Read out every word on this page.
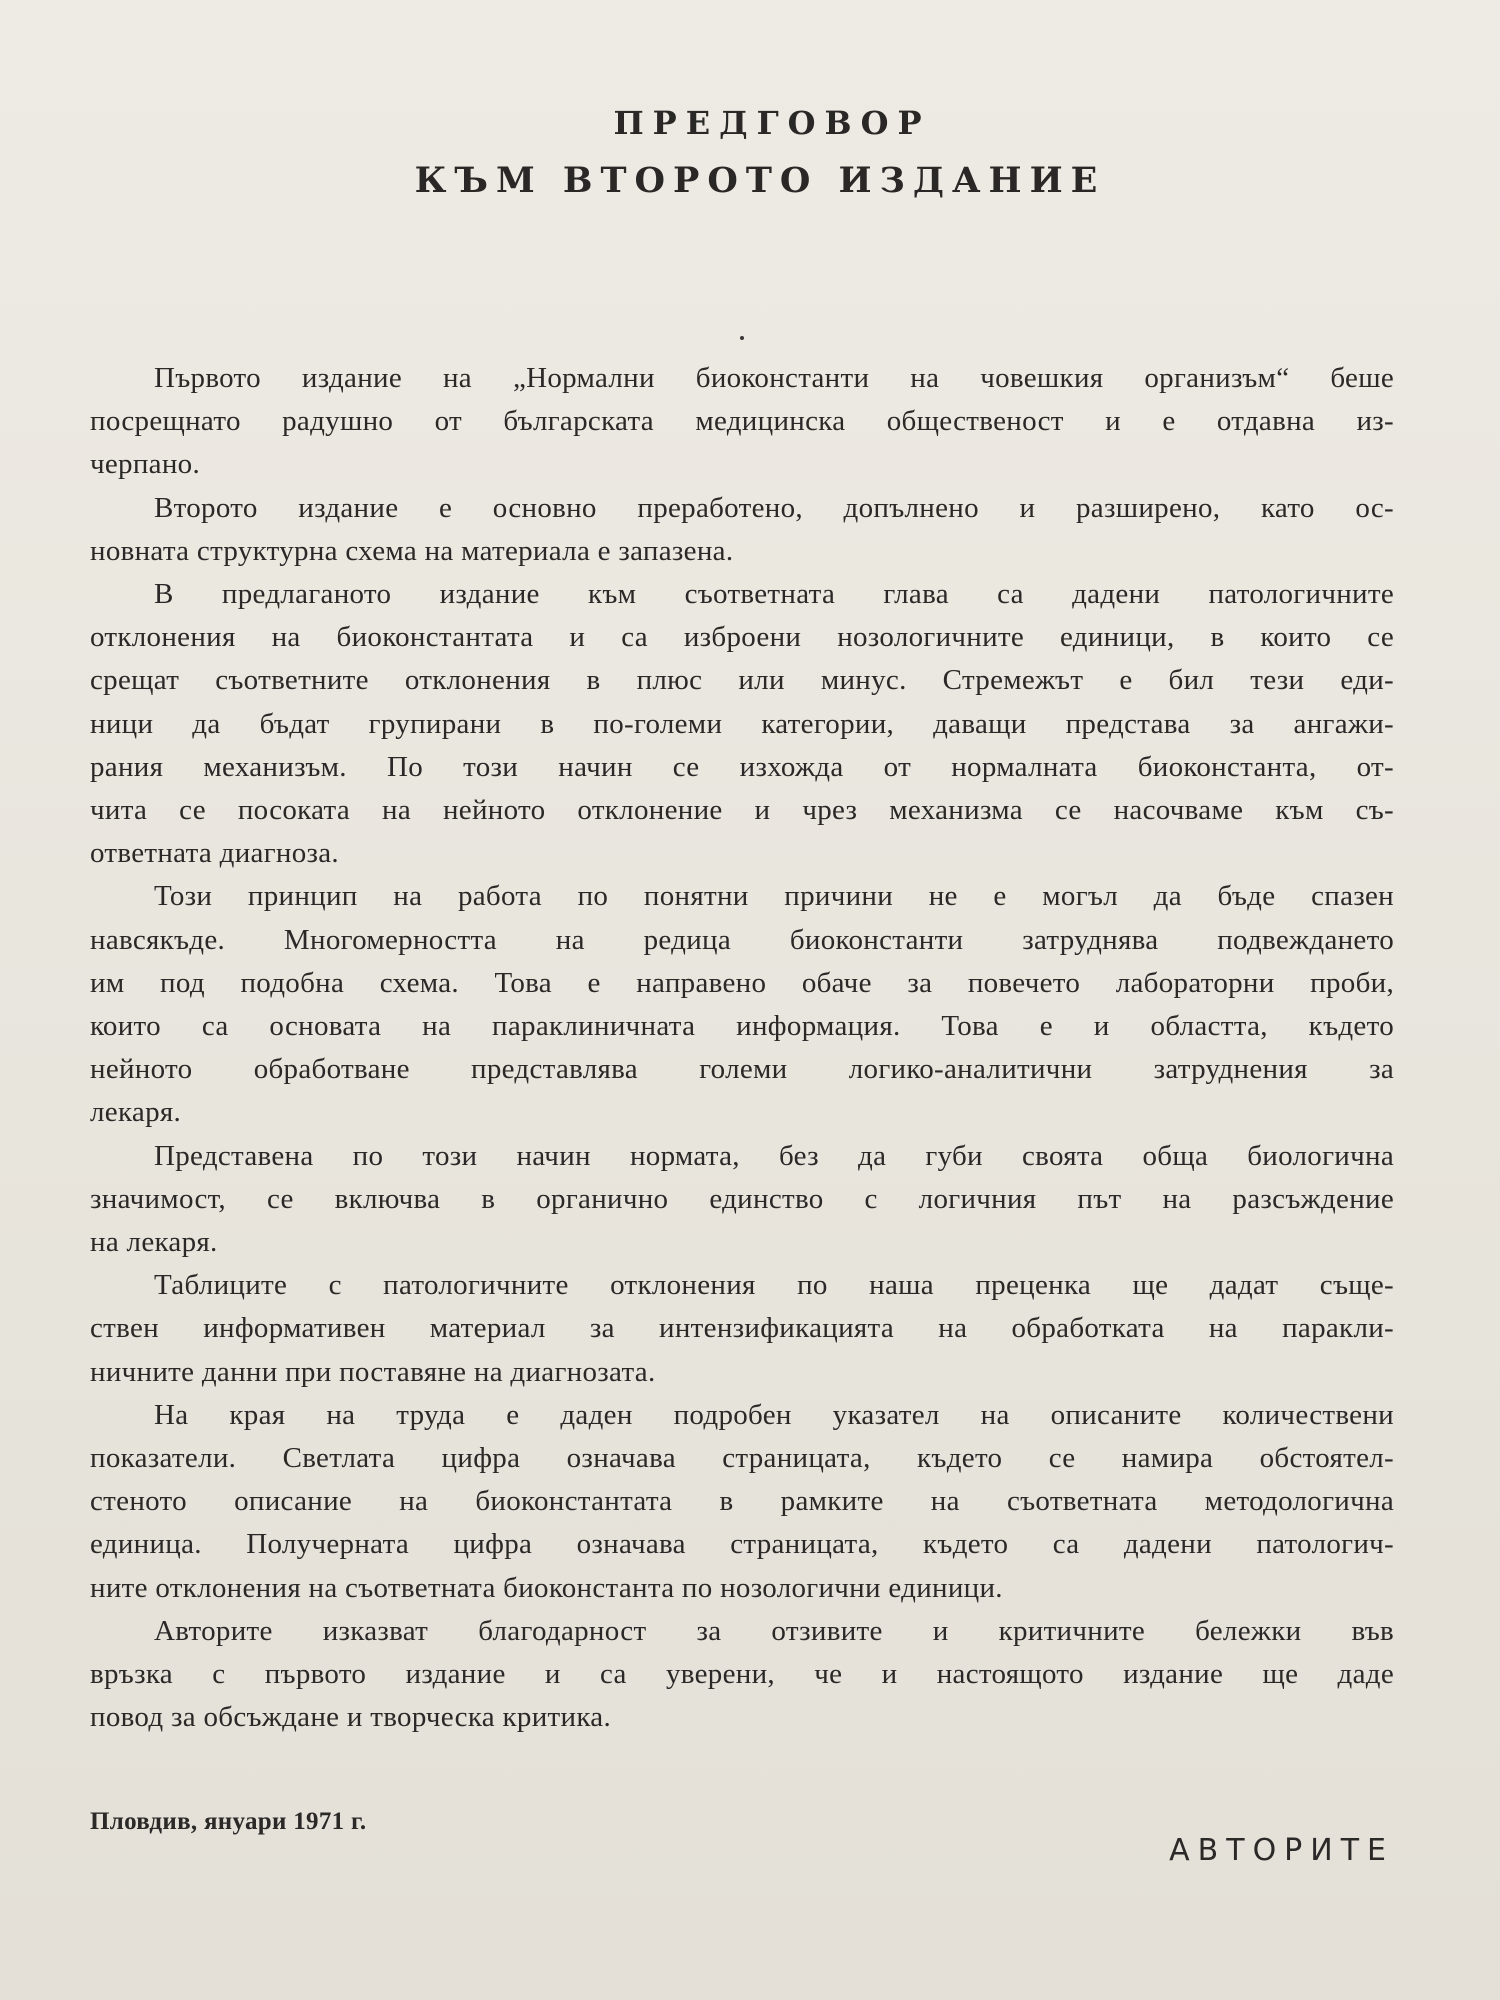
ПРЕДГОВОР
КЪМ ВТОРОТО ИЗДАНИЕ
Първото издание на „Нормални биоконстанти на човешкия организъм“ беше
посрещнато радушно от българската медицинска общественост и е отдавна из-
черпано.
Второто издание е основно преработено, допълнено и разширено, като ос-
новната структурна схема на материала е запазена.
В предлаганото издание към съответната глава са дадени патологичните
отклонения на биоконстантата и са изброени нозологичните единици, в които се
срещат съответните отклонения в плюс или минус. Стремежът е бил тези еди-
ници да бъдат групирани в по-големи категории, даващи представа за ангажи-
рания механизъм. По този начин се изхожда от нормалната биоконстанта, от-
чита се посоката на нейното отклонение и чрез механизма се насочваме към съ-
ответната диагноза.
Този принцип на работа по понятни причини не е могъл да бъде спазен
навсякъде. Многомерността на редица биоконстанти затруднява подвеждането
им под подобна схема. Това е направено обаче за повечето лабораторни проби,
които са основата на параклиничната информация. Това е и областта, където
нейното обработване представлява големи логико-аналитични затруднения за
лекаря.
Представена по този начин нормата, без да губи своята обща биологична
значимост, се включва в органично единство с логичния път на разсъждение
на лекаря.
Таблиците с патологичните отклонения по наша преценка ще дадат съще-
ствен информативен материал за интензификацията на обработката на паракли-
ничните данни при поставяне на диагнозата.
На края на труда е даден подробен указател на описаните количествени
показатели. Светлата цифра означава страницата, където се намира обстоятел-
стеното описание на биоконстантата в рамките на съответната методологична
единица. Получерната цифра означава страницата, където са дадени патологич-
ните отклонения на съответната биоконстанта по нозологични единици.
Авторите изказват благодарност за отзивите и критичните бележки във
връзка с първото издание и са уверени, че и настоящото издание ще даде
повод за обсъждане и творческа критика.
Пловдив, януари 1971 г.
АВТОРИТЕ
